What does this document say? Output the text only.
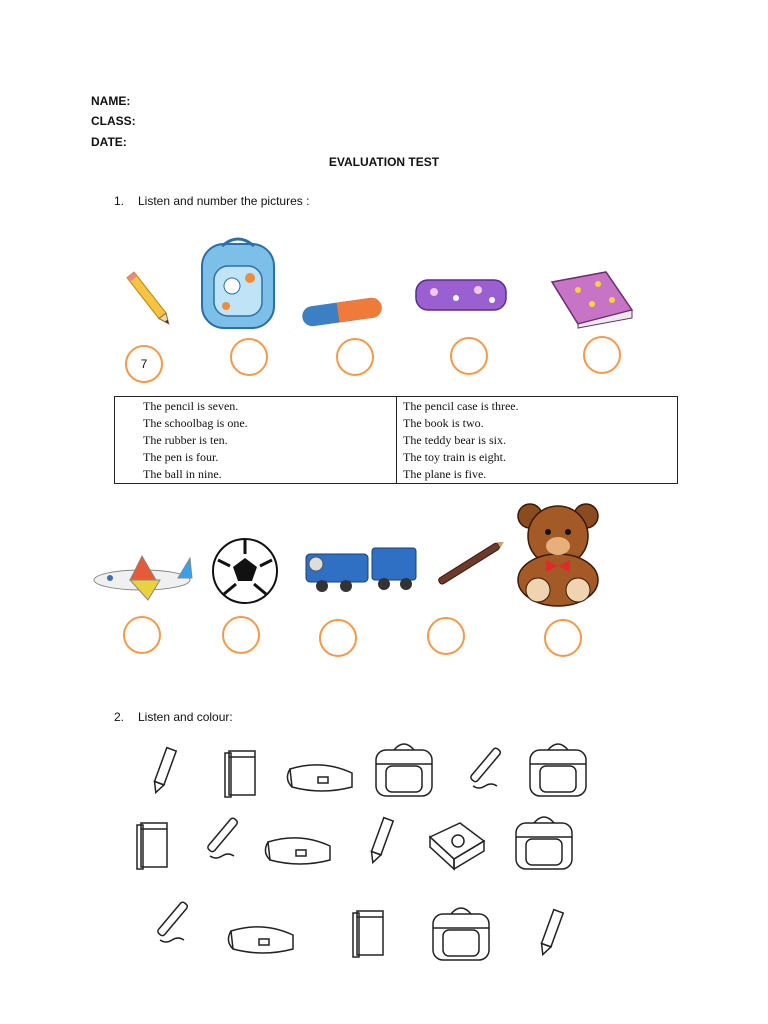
NAME:
CLASS:
DATE:
EVALUATION TEST
1. Listen and number the pictures :
7
The pencil is seven.
The schoolbag is one.
The rubber is ten.
The pen is four.
The ball in nine.
The pencil case is three.
The book is two.
The teddy bear is six.
The toy train is eight.
The plane is five.
2. Listen and colour:
